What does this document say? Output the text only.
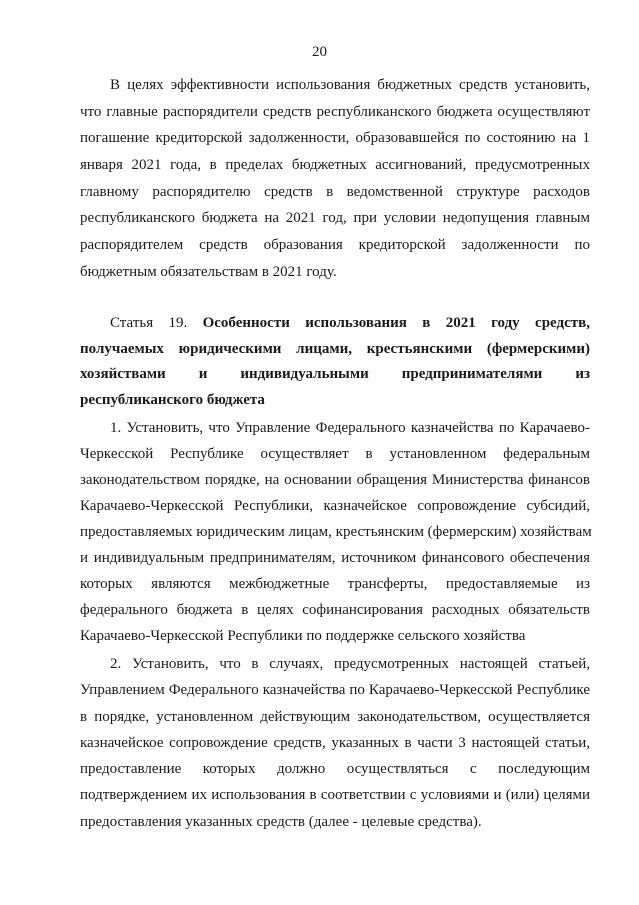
20
В целях эффективности использования бюджетных средств установить,
что главные распорядители средств республиканского бюджета осуществляют
погашение кредиторской задолженности, образовавшейся по состоянию на 1
января 2021 года, в пределах бюджетных ассигнований, предусмотренных
главному распорядителю средств в ведомственной структуре расходов
республиканского бюджета на 2021 год, при условии недопущения главным
распорядителем средств образования кредиторской задолженности по
бюджетным обязательствам в 2021 году.
Статья 19. Особенности использования в 2021 году средств,
получаемых юридическими лицами, крестьянскими (фермерскими)
хозяйствами и индивидуальными предпринимателями из
республиканского бюджета
1. Установить, что Управление Федерального казначейства по Карачаево-
Черкесской Республике осуществляет в установленном федеральным
законодательством порядке, на основании обращения Министерства финансов
Карачаево-Черкесской Республики, казначейское сопровождение субсидий,
предоставляемых юридическим лицам, крестьянским (фермерским) хозяйствам
и индивидуальным предпринимателям, источником финансового обеспечения
которых являются межбюджетные трансферты, предоставляемые из
федерального бюджета в целях софинансирования расходных обязательств
Карачаево-Черкесской Республики по поддержке сельского хозяйства
2. Установить, что в случаях, предусмотренных настоящей статьей,
Управлением Федерального казначейства по Карачаево-Черкесской Республике
в порядке, установленном действующим законодательством, осуществляется
казначейское сопровождение средств, указанных в части 3 настоящей статьи,
предоставление которых должно осуществляться с последующим
подтверждением их использования в соответствии с условиями и (или) целями
предоставления указанных средств (далее - целевые средства).
